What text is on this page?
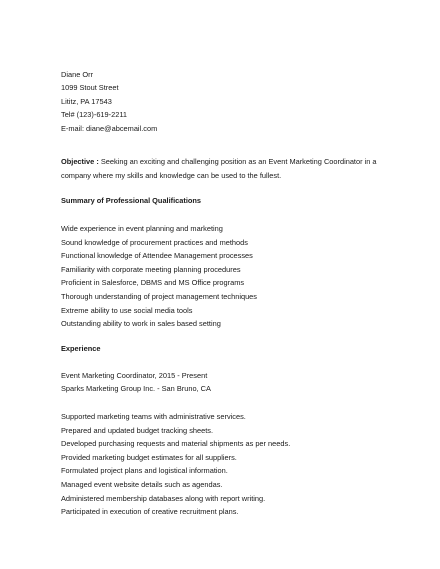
Diane Orr
1099 Stout Street
Lititz, PA 17543
Tel# (123)-619-2211
E-mail: diane@abcemail.com
Objective : Seeking an exciting and challenging position as an Event Marketing Coordinator in a company where my skills and knowledge can be used to the fullest.
Summary of Professional Qualifications
Wide experience in event planning and marketing
Sound knowledge of procurement practices and methods
Functional knowledge of Attendee Management processes
Familiarity with corporate meeting planning procedures
Proficient in Salesforce, DBMS and MS Office programs
Thorough understanding of project management techniques
Extreme ability to use social media tools
Outstanding ability to work in sales based setting
Experience
Event Marketing Coordinator, 2015 - Present
Sparks Marketing Group Inc. - San Bruno, CA
Supported marketing teams with administrative services.
Prepared and updated budget tracking sheets.
Developed purchasing requests and material shipments as per needs.
Provided marketing budget estimates for all suppliers.
Formulated project plans and logistical information.
Managed event website details such as agendas.
Administered membership databases along with report writing.
Participated in execution of creative recruitment plans.
